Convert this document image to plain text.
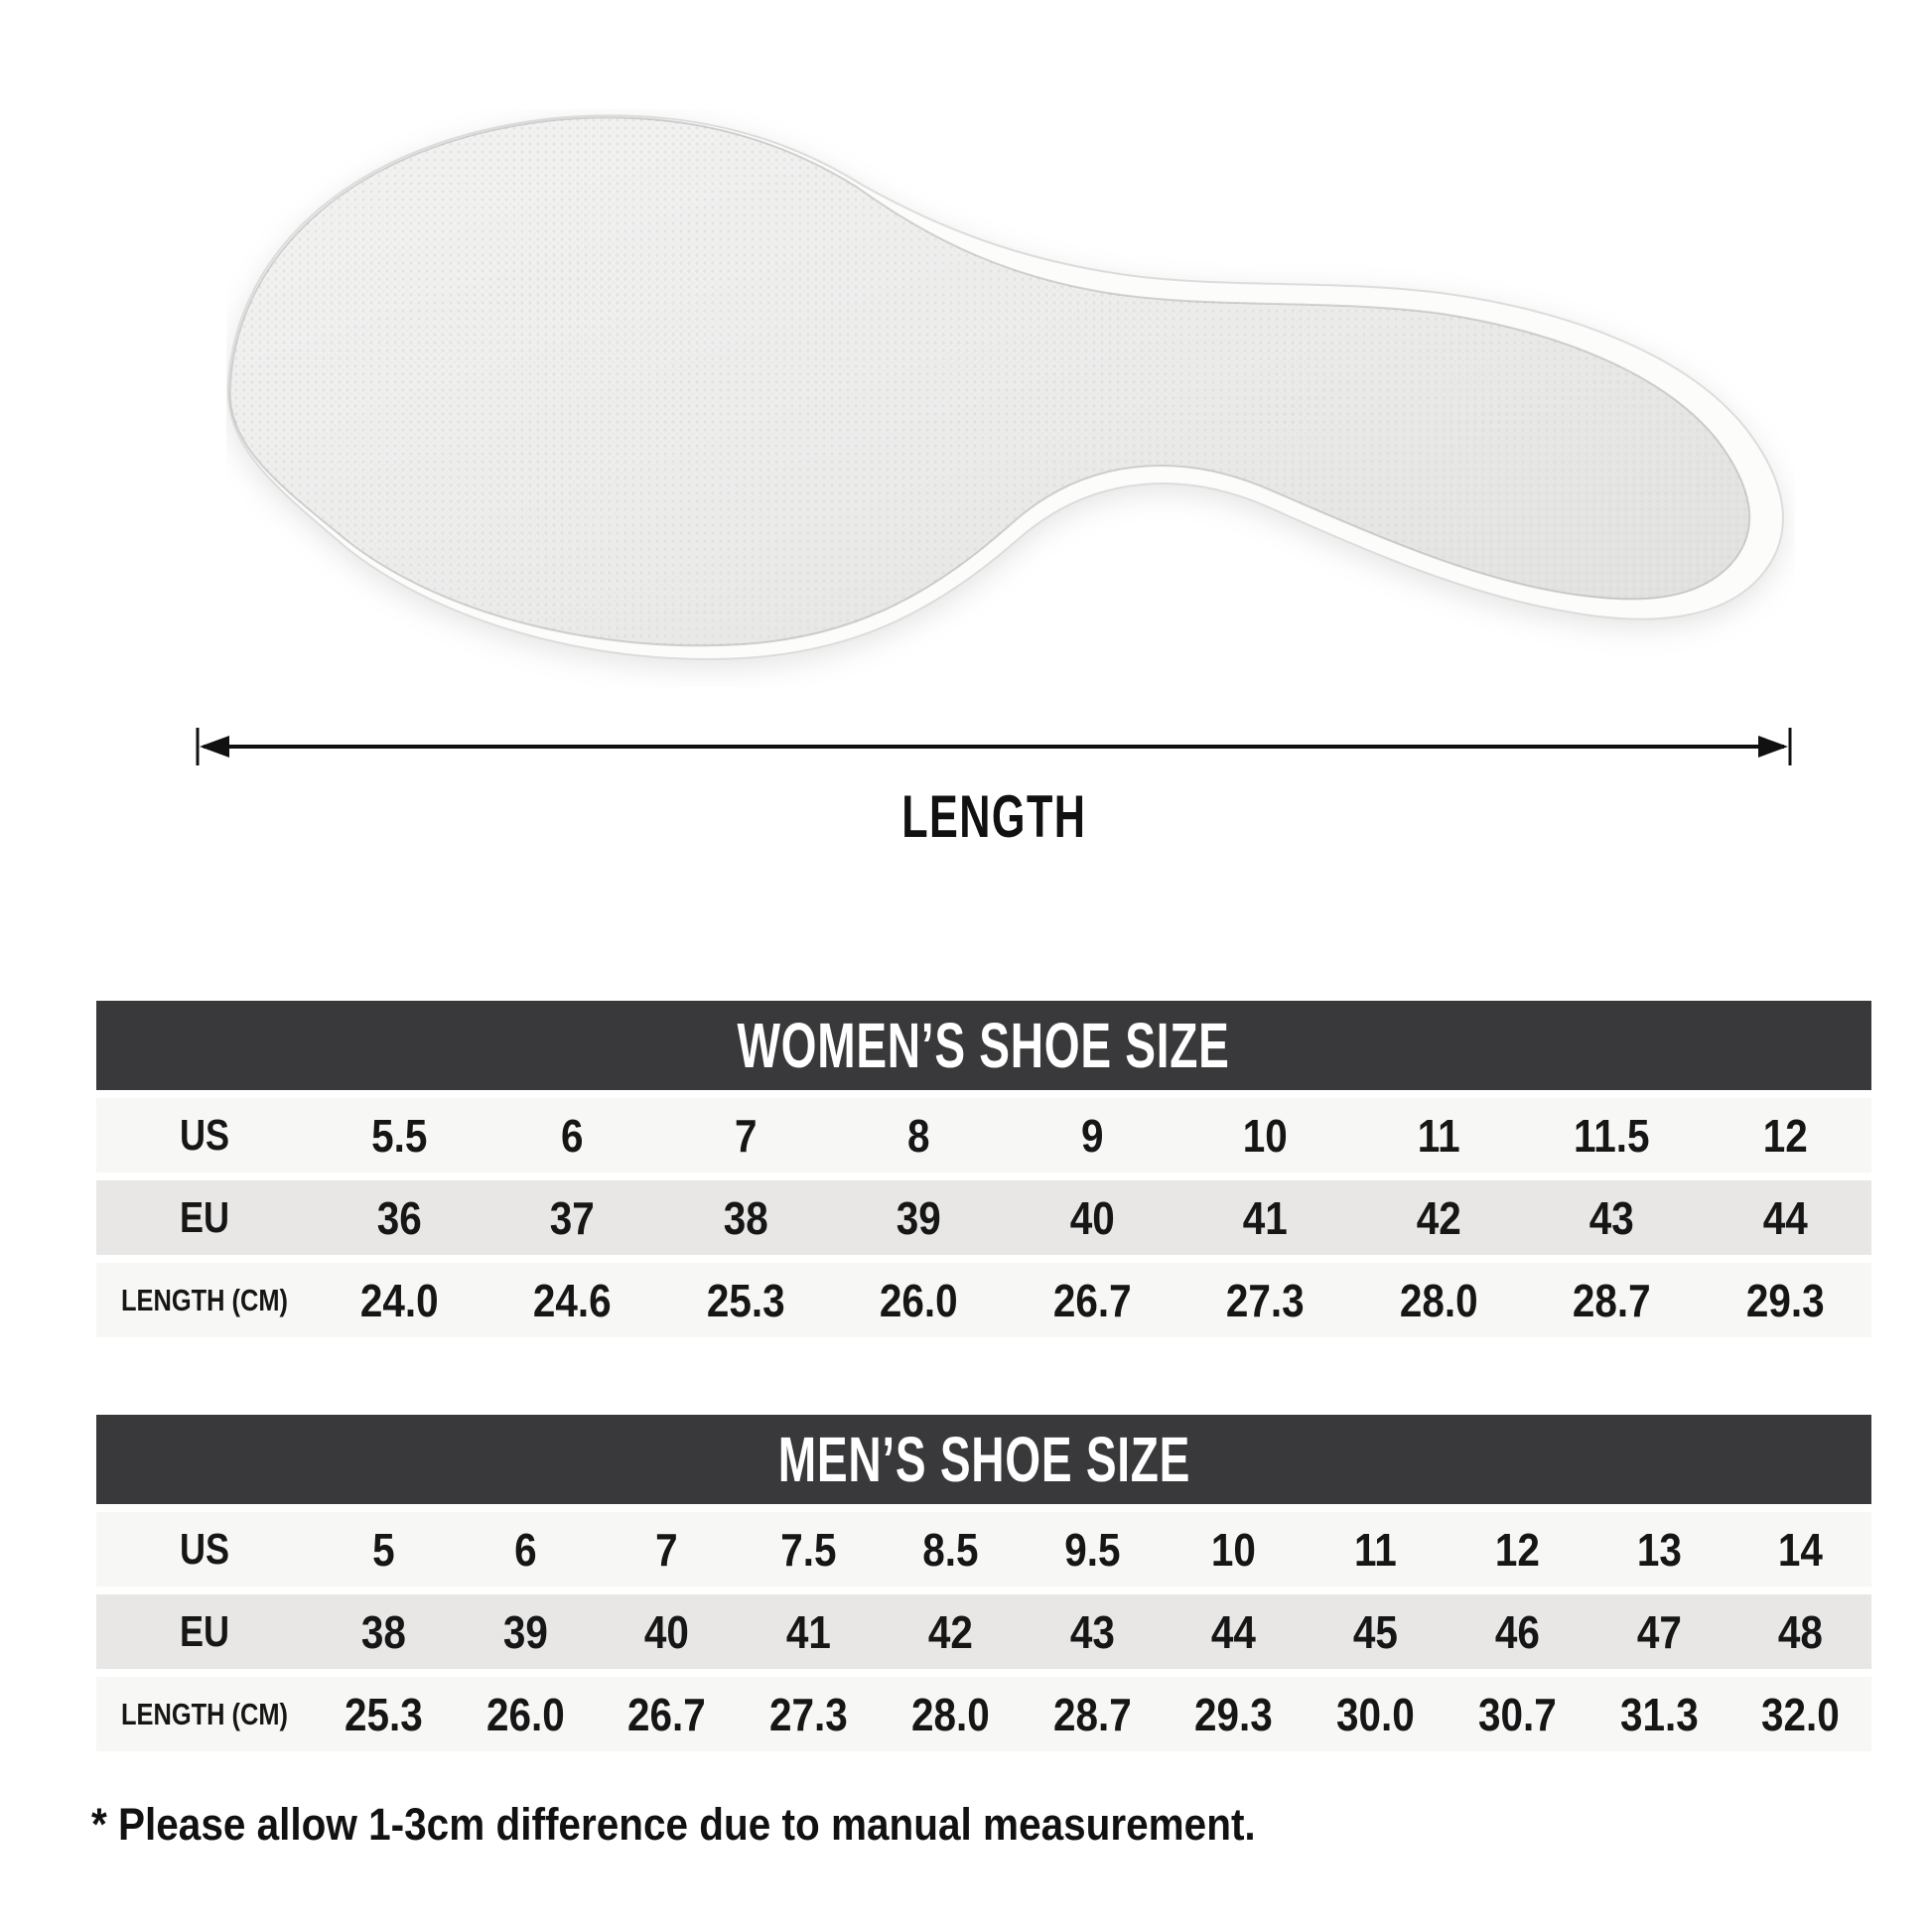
LENGTH
WOMEN’S SHOE SIZE
US	5.5	6	7	8	9	10	11	11.5	12
EU	36	37	38	39	40	41	42	43	44
LENGTH (CM)	24.0	24.6	25.3	26.0	26.7	27.3	28.0	28.7	29.3
MEN’S SHOE SIZE
US	5	6	7	7.5	8.5	9.5	10	11	12	13	14
EU	38	39	40	41	42	43	44	45	46	47	48
LENGTH (CM)	25.3	26.0	26.7	27.3	28.0	28.7	29.3	30.0	30.7	31.3	32.0
* Please allow 1-3cm difference due to manual measurement.
